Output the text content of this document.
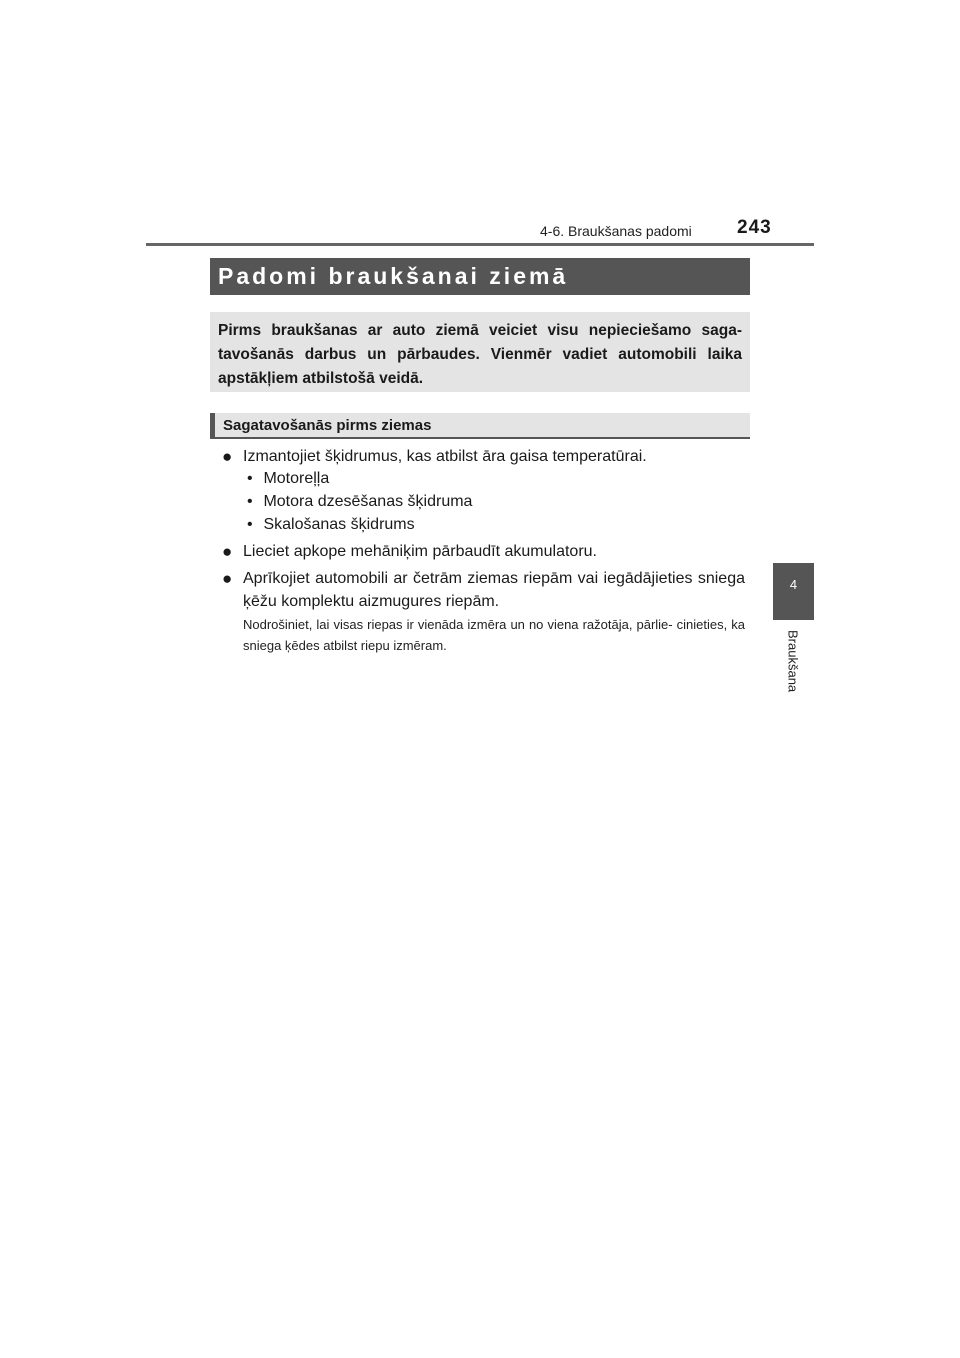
4-6. Braukšanas padomi	243
4
Braukšana
Padomi braukšanai ziemā
Pirms braukšanas ar auto ziemā veiciet visu nepieciešamo saga- tavošanās darbus un pārbaudes. Vienmēr vadiet automobili laika apstākļiem atbilstošā veidā.
Sagatavošanās pirms ziemas
● Izmantojiet šķidrumus, kas atbilst āra gaisa temperatūrai.
• Motoreļļa
• Motora dzesēšanas šķidruma
• Skalošanas šķidrums
● Lieciet apkope mehāniķim pārbaudīt akumulatoru.
● Aprīkojiet automobili ar četrām ziemas riepām vai iegādājieties sniega ķēžu komplektu aizmugures riepām.
Nodrošiniet, lai visas riepas ir vienāda izmēra un no viena ražotāja, pārlie- cinieties, ka sniega ķēdes atbilst riepu izmēram.
